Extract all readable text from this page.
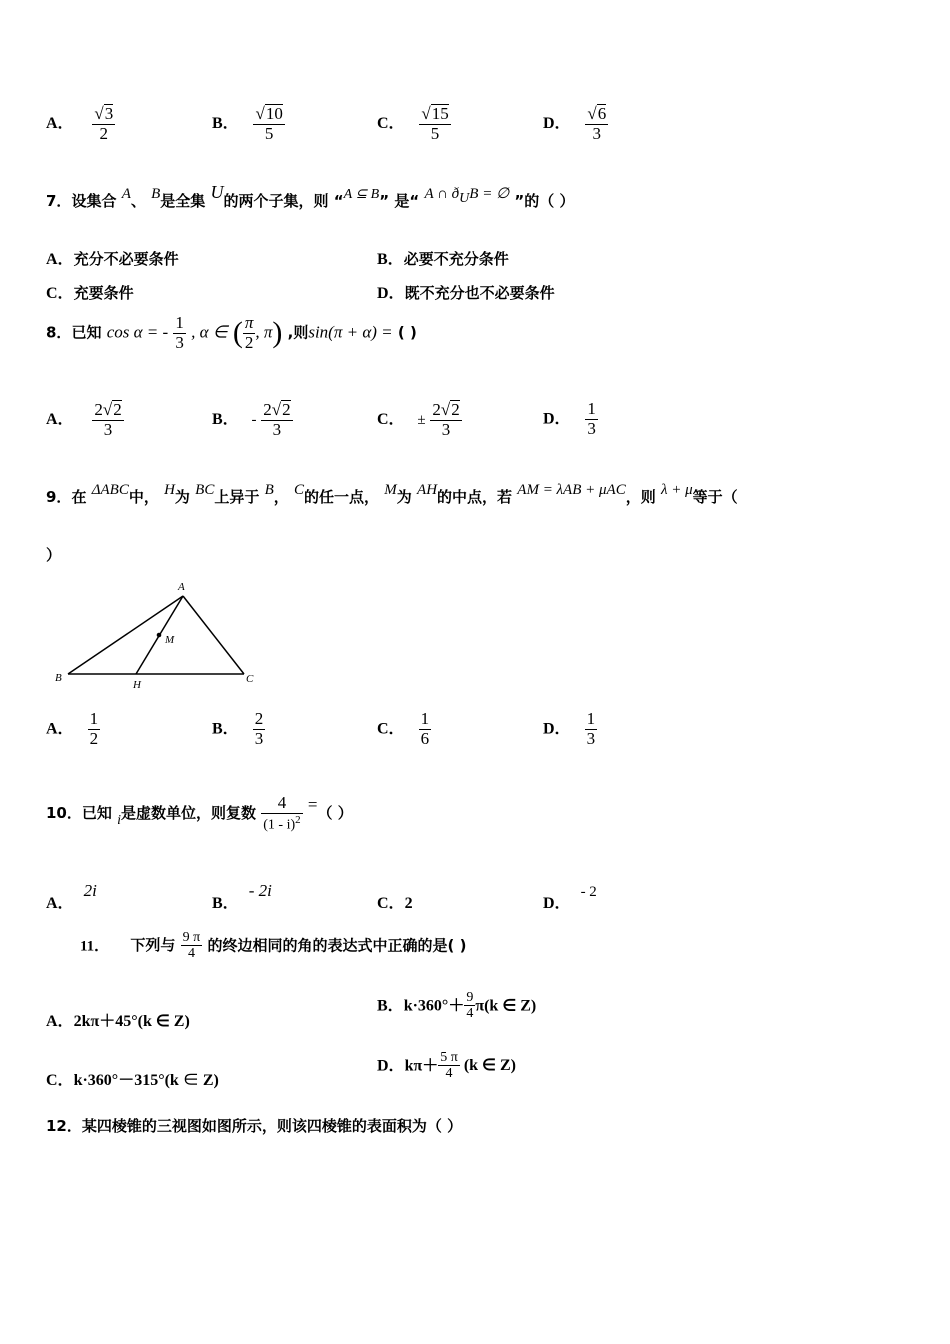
A． $\frac{√3}{2}$	B． $\frac{√10}{5}$	C． $\frac{√15}{5}$	D． $\frac{√6}{3}$
7．设集合 A、 B是全集 U的两个子集，则 “A ⊆ B” 是“ A ∩ $ð_UB$ = ∅ ”的（ ）
A．充分不必要条件	B．必要不充分条件
C．充要条件	D．既不充分也不必要条件
8．已知 cos α = - $\frac{1}{3}$ , α ∈ ( $\frac{\pi}{2}$ , π) ,则sin(π + α) = ( )
A． $\frac{2√2}{3}$	B． - $\frac{2√2}{3}$	C． ± $\frac{2√2}{3}$	D． $\frac{1}{3}$
9．在 ΔABC中， H为 BC上异于 B， C的任一点， M为 AH的中点，若 AM = λAB + μAC，则 λ + μ等于（
）
A
B	C
H
M
A． $\frac{1}{2}$	B． $\frac{2}{3}$	C． $\frac{1}{6}$	D． $\frac{1}{3}$
10．已知 i是虚数单位，则复数 $\frac{4}{(1 - i)^2}$ =（ ）
A．2i
B．- 2i
C．2	D．- 2
11． 下列与 $\frac{9 \pi}{4}$ 的终边相同的角的表达式中正确的是( )
A．2kπ＋45°(k ∈ Z)
B．$k\cdot 360^\circ+ \frac{9}{4} \pi(k$ ∈ Z)
C．k·360°－315°(k ∈ Z)
D．$k\pi+ \frac{5 \pi}{4} (k$ ∈ Z)
12．某四棱锥的三视图如图所示，则该四棱锥的表面积为（ ）
